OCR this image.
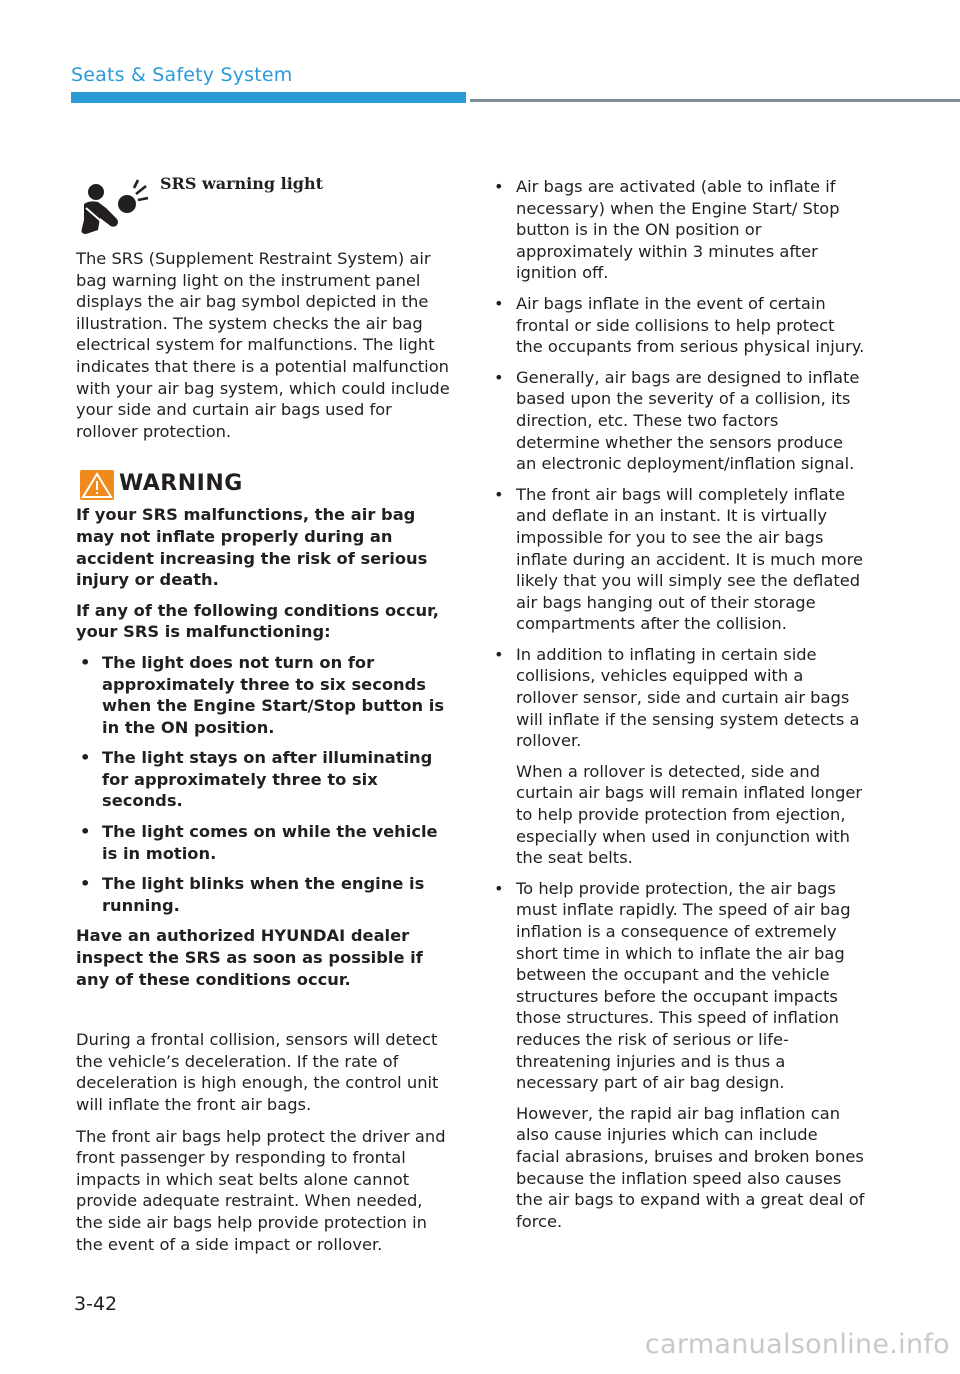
Seats & Safety System
SRS warning light

The SRS (Supplement Restraint System) air bag warning light on the instrument panel displays the air bag symbol depicted in the illustration. The system checks the air bag electrical system for malfunctions. The light indicates that there is a potential malfunction with your air bag system, which could include your side and curtain air bags used for rollover protection.

WARNING

If your SRS malfunctions, the air bag may not inflate properly during an accident increasing the risk of serious injury or death.

If any of the following conditions occur, your SRS is malfunctioning:

• The light does not turn on for approximately three to six seconds when the Engine Start/Stop button is in the ON position.
• The light stays on after illuminating for approximately three to six seconds.
• The light comes on while the vehicle is in motion.
• The light blinks when the engine is running.

Have an authorized HYUNDAI dealer inspect the SRS as soon as possible if any of these conditions occur.

During a frontal collision, sensors will detect the vehicle’s deceleration. If the rate of deceleration is high enough, the control unit will inflate the front air bags.

The front air bags help protect the driver and front passenger by responding to frontal impacts in which seat belts alone cannot provide adequate restraint. When needed, the side air bags help provide protection in the event of a side impact or rollover.

• Air bags are activated (able to inflate if necessary) when the Engine Start/ Stop button is in the ON position or approximately within 3 minutes after ignition off.

• Air bags inflate in the event of certain frontal or side collisions to help protect the occupants from serious physical injury.

• Generally, air bags are designed to inflate based upon the severity of a collision, its direction, etc. These two factors determine whether the sensors produce an electronic deployment/inflation signal.

• The front air bags will completely inflate and deflate in an instant. It is virtually impossible for you to see the air bags inflate during an accident. It is much more likely that you will simply see the deflated air bags hanging out of their storage compartments after the collision.

• In addition to inflating in certain side collisions, vehicles equipped with a rollover sensor, side and curtain air bags will inflate if the sensing system detects a rollover.

When a rollover is detected, side and curtain air bags will remain inflated longer to help provide protection from ejection, especially when used in conjunction with the seat belts.

• To help provide protection, the air bags must inflate rapidly. The speed of air bag inflation is a consequence of extremely short time in which to inflate the air bag between the occupant and the vehicle structures before the occupant impacts those structures. This speed of inflation reduces the risk of serious or life-threatening injuries and is thus a necessary part of air bag design.

However, the rapid air bag inflation can also cause injuries which can include facial abrasions, bruises and broken bones because the inflation speed also causes the air bags to expand with a great deal of force.

3-42
carmanualsonline.info
